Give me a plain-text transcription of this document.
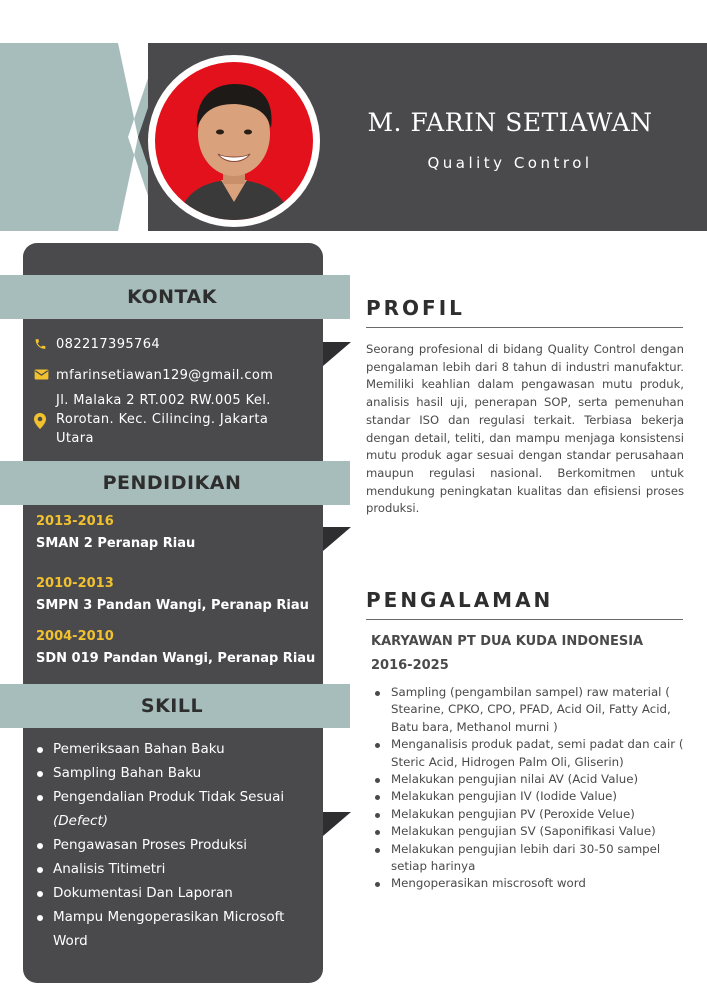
M. FARIN SETIAWAN
Quality Control
KONTAK
082217395764
mfarinsetiawan129@gmail.com
Jl. Malaka 2 RT.002 RW.005 Kel. Rorotan. Kec. Cilincing. Jakarta Utara
PENDIDIKAN
2013-2016
SMAN 2 Peranap Riau
2010-2013
SMPN 3 Pandan Wangi, Peranap Riau
2004-2010
SDN 019 Pandan Wangi, Peranap Riau
SKILL
Pemeriksaan Bahan Baku
Sampling Bahan Baku
Pengendalian Produk Tidak Sesuai
(Defect)
Pengawasan Proses Produksi
Analisis Titimetri
Dokumentasi Dan Laporan
Mampu Mengoperasikan Microsoft
Word
PROFIL
Seorang profesional di bidang Quality Control dengan pengalaman lebih dari 8 tahun di industri manufaktur. Memiliki keahlian dalam pengawasan mutu produk, analisis hasil uji, penerapan SOP, serta pemenuhan standar ISO dan regulasi terkait. Terbiasa bekerja dengan detail, teliti, dan mampu menjaga konsistensi mutu produk agar sesuai dengan standar perusahaan maupun regulasi nasional. Berkomitmen untuk mendukung peningkatan kualitas dan efisiensi proses produksi.
PENGALAMAN
KARYAWAN PT DUA KUDA INDONESIA
2016-2025
Sampling (pengambilan sampel) raw material ( Stearine, CPKO, CPO, PFAD, Acid Oil, Fatty Acid, Batu bara, Methanol murni )
Menganalisis produk padat, semi padat dan cair ( Steric Acid, Hidrogen Palm Oli, Gliserin)
Melakukan pengujian nilai AV (Acid Value)
Melakukan pengujian IV (Iodide Value)
Melakukan pengujian PV (Peroxide Velue)
Melakukan pengujian SV (Saponifikasi Value)
Melakukan pengujian lebih dari 30-50 sampel setiap harinya
Mengoperasikan miscrosoft word
